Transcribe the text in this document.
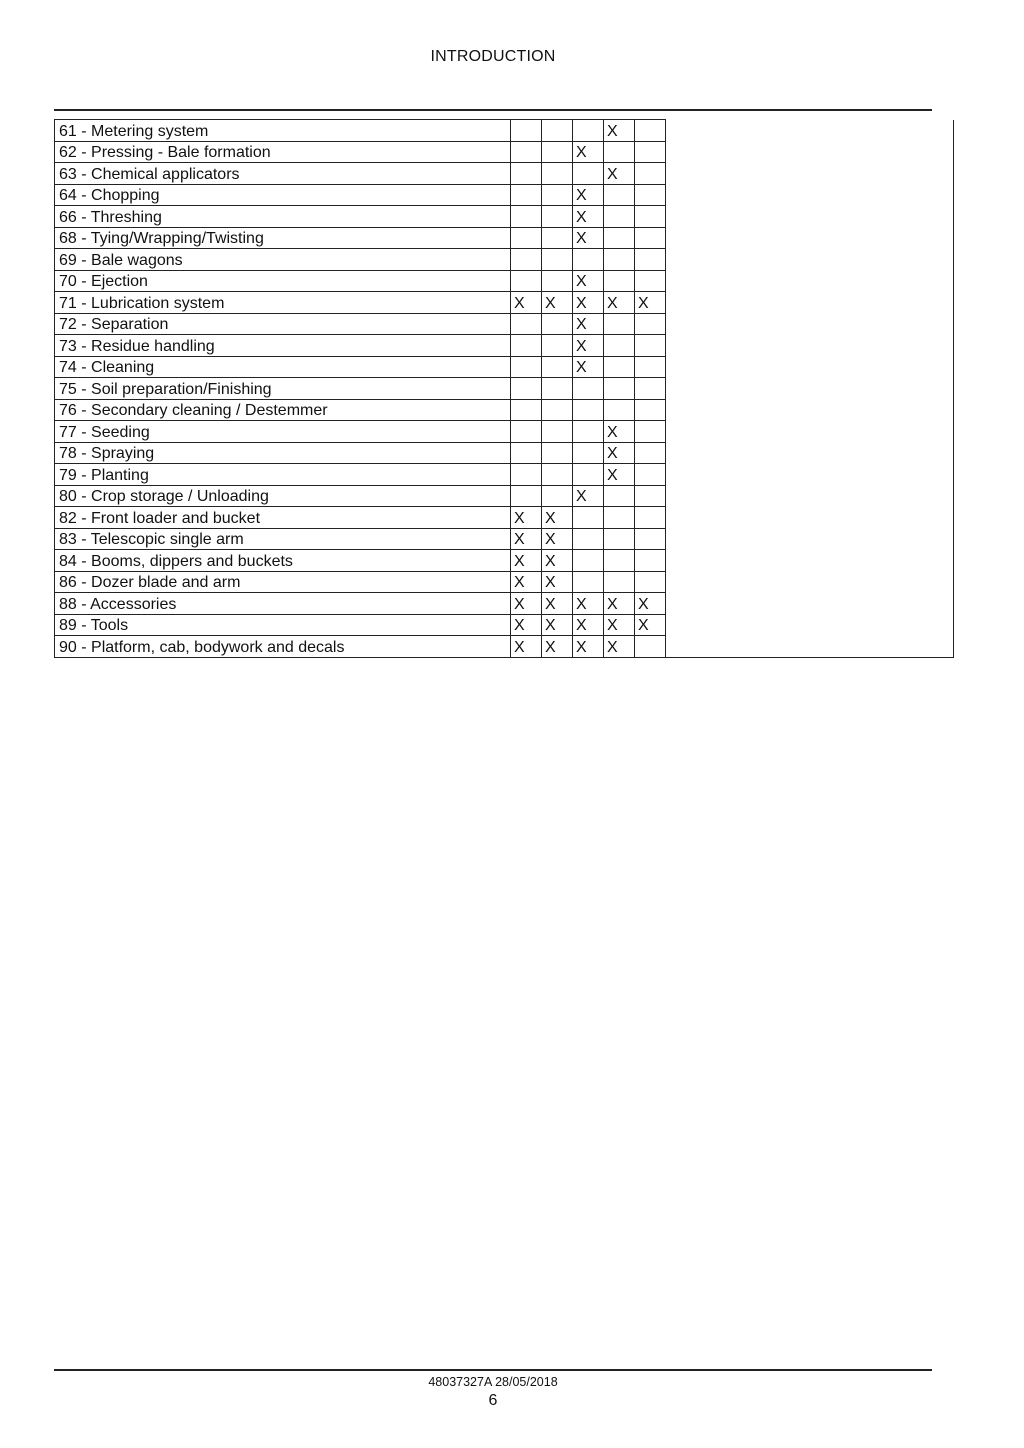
INTRODUCTION
61 - Metering system				X		
62 - Pressing - Bale formation			X			
63 - Chemical applicators				X		
64 - Chopping			X			
66 - Threshing			X			
68 - Tying/Wrapping/Twisting			X			
69 - Bale wagons						
70 - Ejection			X			
71 - Lubrication system	X	X	X	X	X	
72 - Separation			X			
73 - Residue handling			X			
74 - Cleaning			X			
75 - Soil preparation/Finishing						
76 - Secondary cleaning / Destemmer						
77 - Seeding				X		
78 - Spraying				X		
79 - Planting				X		
80 - Crop storage / Unloading			X			
82 - Front loader and bucket	X	X				
83 - Telescopic single arm	X	X				
84 - Booms, dippers and buckets	X	X				
86 - Dozer blade and arm	X	X				
88 - Accessories	X	X	X	X	X	
89 - Tools	X	X	X	X	X	
90 - Platform, cab, bodywork and decals	X	X	X	X		
48037327A 28/05/2018
6
